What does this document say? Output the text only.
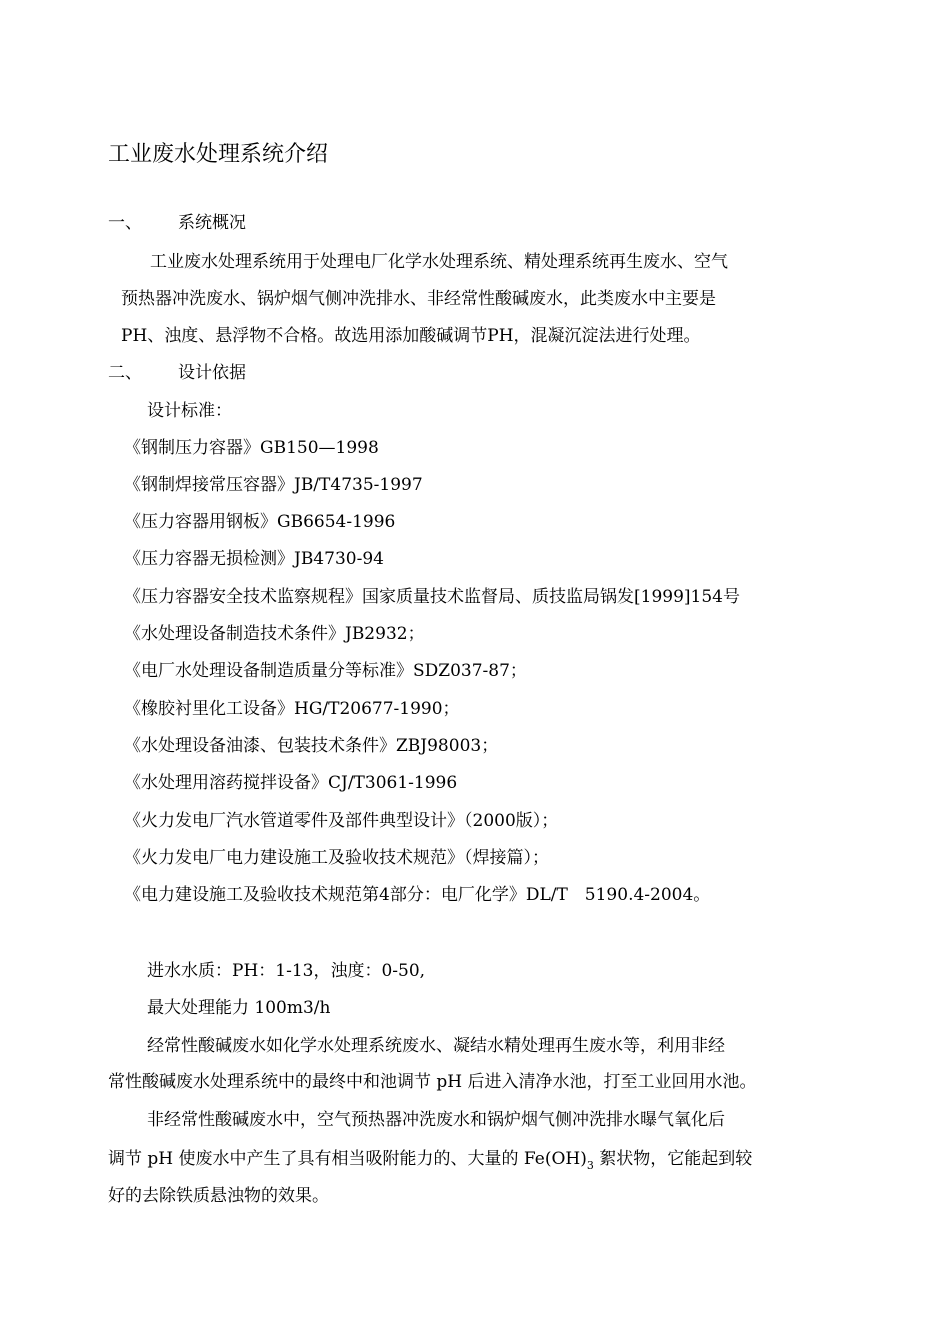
工业废水处理系统介绍
一、 系统概况
工业废水处理系统用于处理电厂化学水处理系统、精处理系统再生废水、空气
预热器冲洗废水、锅炉烟气侧冲洗排水、非经常性酸碱废水，此类废水中主要是
PH、浊度、悬浮物不合格。故选用添加酸碱调节PH，混凝沉淀法进行处理。
二、 设计依据
设计标准：
《钢制压力容器》GB150—1998
《钢制焊接常压容器》JB/T4735-1997
《压力容器用钢板》GB6654-1996
《压力容器无损检测》JB4730-94
《压力容器安全技术监察规程》国家质量技术监督局、质技监局锅发[1999]154号
《水处理设备制造技术条件》JB2932；
《电厂水处理设备制造质量分等标准》SDZ037-87；
《橡胶衬里化工设备》HG/T20677-1990；
《水处理设备油漆、包装技术条件》ZBJ98003；
《水处理用溶药搅拌设备》CJ/T3061-1996
《火力发电厂汽水管道零件及部件典型设计》（2000版）；
《火力发电厂电力建设施工及验收技术规范》（焊接篇）；
《电力建设施工及验收技术规范第4部分：电厂化学》DL/T　5190.4-2004。
进水水质：PH：1-13，浊度：0-50,
最大处理能力 100m3/h
经常性酸碱废水如化学水处理系统废水、凝结水精处理再生废水等，利用非经
常性酸碱废水处理系统中的最终中和池调节 pH 后进入清净水池，打至工业回用水池。
非经常性酸碱废水中，空气预热器冲洗废水和锅炉烟气侧冲洗排水曝气氧化后
调节 pH 使废水中产生了具有相当吸附能力的、大量的 $Fe(OH)_3$ 絮状物，它能起到较
好的去除铁质悬浊物的效果。
